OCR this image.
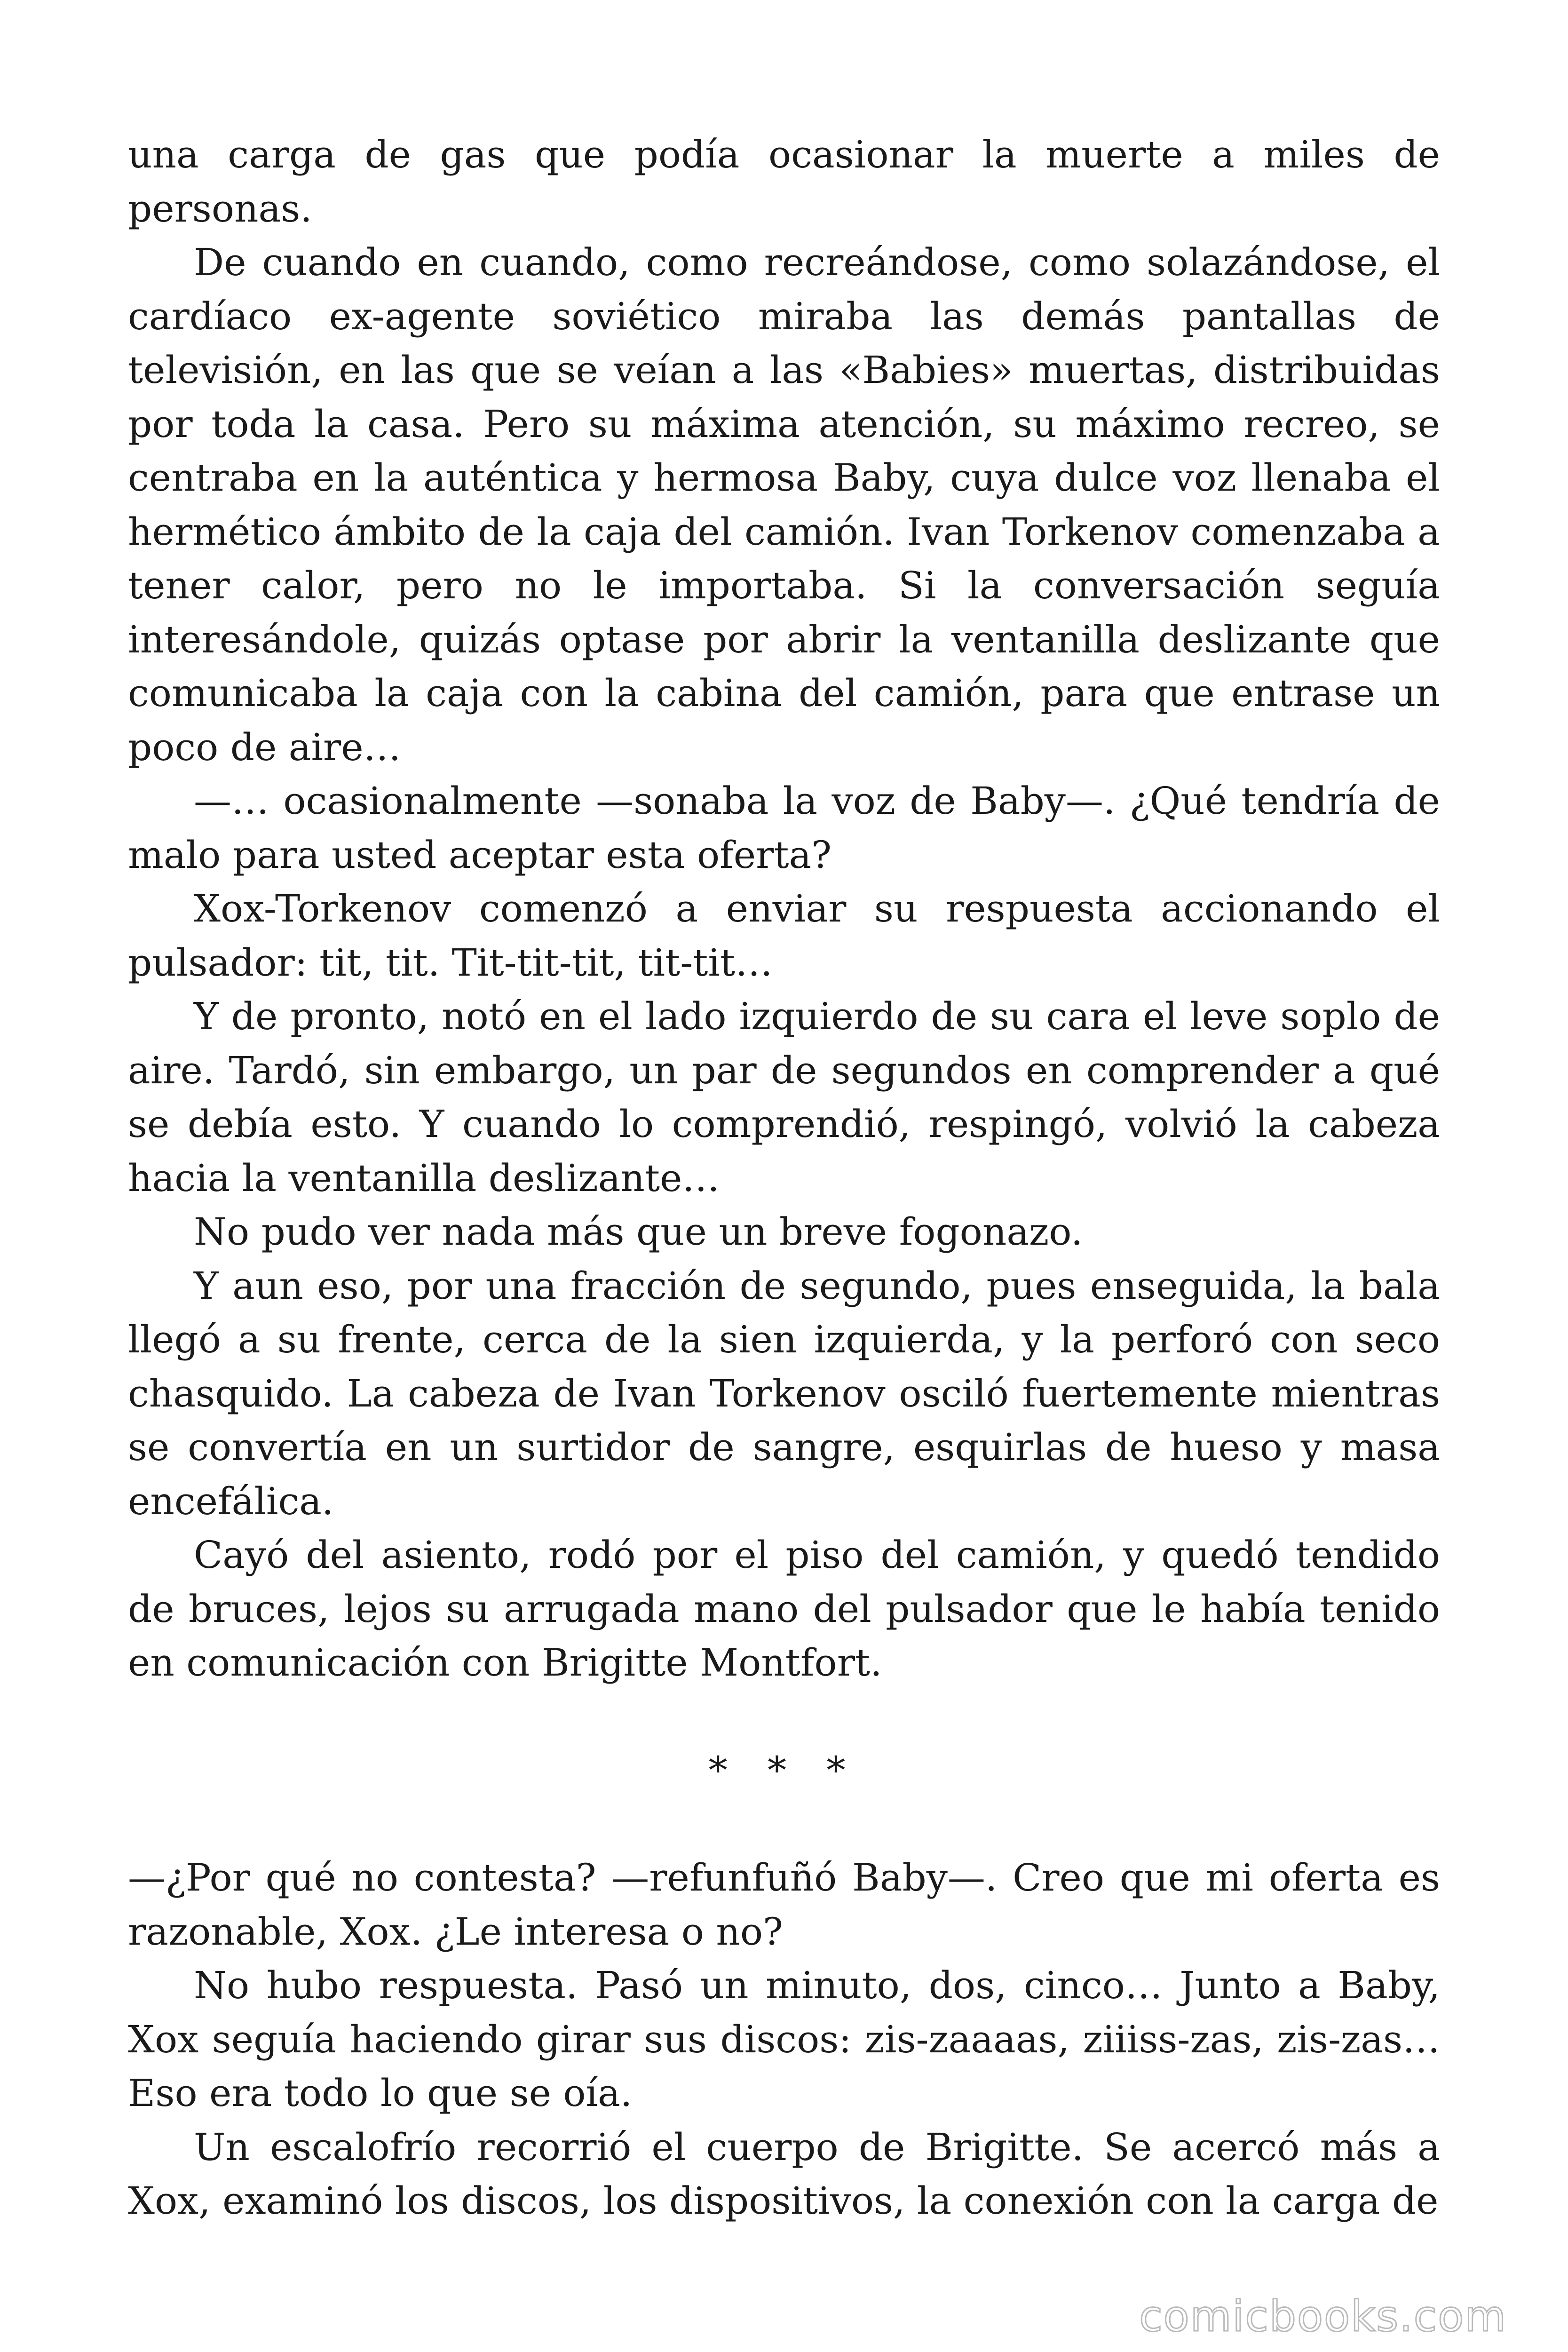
una carga de gas que podía ocasionar la muerte a miles de personas.

De cuando en cuando, como recreándose, como solazándose, el cardíaco ex-agente soviético miraba las demás pantallas de televisión, en las que se veían a las «Babies» muertas, distribuidas por toda la casa. Pero su máxima atención, su máximo recreo, se centraba en la auténtica y hermosa Baby, cuya dulce voz llenaba el hermético ámbito de la caja del camión. Ivan Torkenov comenzaba a tener calor, pero no le importaba. Si la conversación seguía interesándole, quizás optase por abrir la ventanilla deslizante que comunicaba la caja con la cabina del camión, para que entrase un poco de aire…

—… ocasionalmente —sonaba la voz de Baby—. ¿Qué tendría de malo para usted aceptar esta oferta?

Xox-Torkenov comenzó a enviar su respuesta accionando el pulsador: tit, tit. Tit-tit-tit, tit-tit…

Y de pronto, notó en el lado izquierdo de su cara el leve soplo de aire. Tardó, sin embargo, un par de segundos en comprender a qué se debía esto. Y cuando lo comprendió, respingó, volvió la cabeza hacia la ventanilla deslizante…

No pudo ver nada más que un breve fogonazo.

Y aun eso, por una fracción de segundo, pues enseguida, la bala llegó a su frente, cerca de la sien izquierda, y la perforó con seco chasquido. La cabeza de Ivan Torkenov osciló fuertemente mientras se convertía en un surtidor de sangre, esquirlas de hueso y masa encefálica.

Cayó del asiento, rodó por el piso del camión, y quedó tendido de bruces, lejos su arrugada mano del pulsador que le había tenido en comunicación con Brigitte Montfort.

* * *

—¿Por qué no contesta? —refunfuñó Baby—. Creo que mi oferta es razonable, Xox. ¿Le interesa o no?

No hubo respuesta. Pasó un minuto, dos, cinco… Junto a Baby, Xox seguía haciendo girar sus discos: zis-zaaaas, ziiiss-zas, zis-zas… Eso era todo lo que se oía.

Un escalofrío recorrió el cuerpo de Brigitte. Se acercó más a Xox, examinó los discos, los dispositivos, la conexión con la carga de

comicbooks.com
